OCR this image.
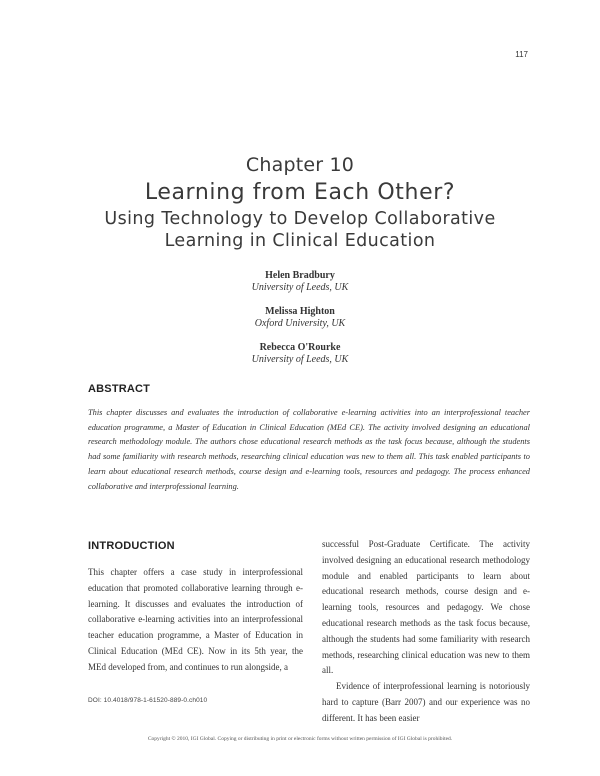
117
Chapter 10
Learning from Each Other?
Using Technology to Develop Collaborative
Learning in Clinical Education
Helen Bradbury
University of Leeds, UK
Melissa Highton
Oxford University, UK
Rebecca O'Rourke
University of Leeds, UK
ABSTRACT
This chapter discusses and evaluates the introduction of collaborative e-learning activities into an interprofessional teacher education programme, a Master of Education in Clinical Education (MEd CE). The activity involved designing an educational research methodology module. The authors chose educational research methods as the task focus because, although the students had some familiarity with research methods, researching clinical education was new to them all. This task enabled participants to learn about educational research methods, course design and e-learning tools, resources and pedagogy. The process enhanced collaborative and interprofessional learning.
INTRODUCTION

This chapter offers a case study in interprofessional education that promoted collaborative learning through e-learning. It discusses and evaluates the introduction of collaborative e-learning activities into an interprofessional teacher education programme, a Master of Education in Clinical Education (MEd CE). Now in its 5th year, the MEd developed from, and continues to run alongside, a

successful Post-Graduate Certificate. The activity involved designing an educational research methodology module and enabled participants to learn about educational research methods, course design and e-learning tools, resources and pedagogy. We chose educational research methods as the task focus because, although the students had some familiarity with research methods, researching clinical education was new to them all.

Evidence of interprofessional learning is notoriously hard to capture (Barr 2007) and our experience was no different. It has been easier

DOI: 10.4018/978-1-61520-889-0.ch010
Copyright © 2010, IGI Global. Copying or distributing in print or electronic forms without written permission of IGI Global is prohibited.
